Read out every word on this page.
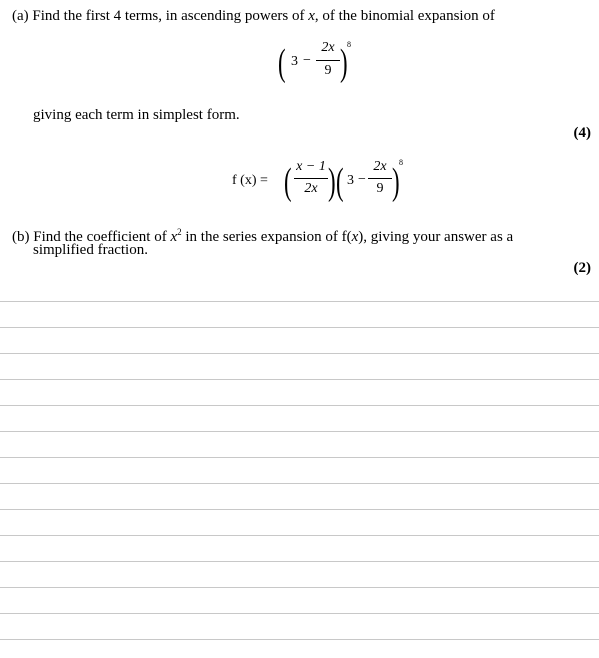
(a) Find the first 4 terms, in ascending powers of x, of the binomial expansion of
( 3 −
2x
9 ) 8
giving each term in simplest form.
(4)
f (x) = ( x − 1
2x ) ( 3 −
2x
9 ) 8
(b) Find the coefficient of $x^2$ in the series expansion of f(x), giving your answer as a
simplified fraction.
(2)
